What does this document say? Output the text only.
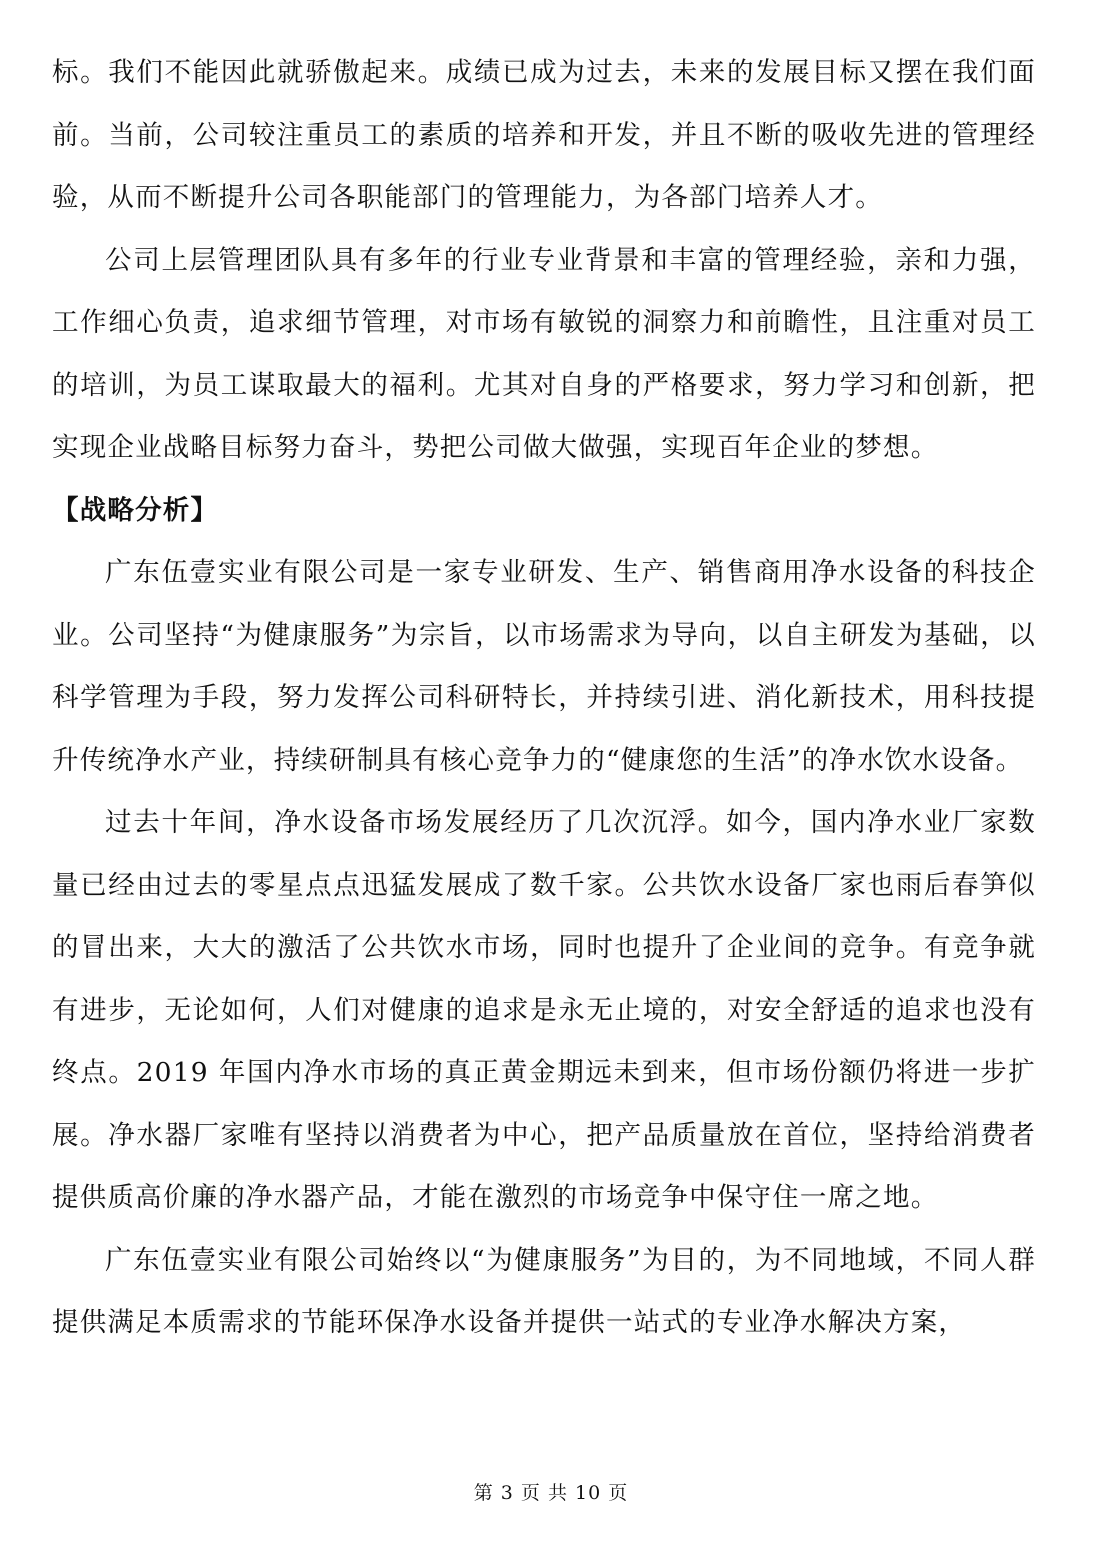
标。我们不能因此就骄傲起来。成绩已成为过去，未来的发展目标又摆在我们面前。当前，公司较注重员工的素质的培养和开发，并且不断的吸收先进的管理经验，从而不断提升公司各职能部门的管理能力，为各部门培养人才。

公司上层管理团队具有多年的行业专业背景和丰富的管理经验，亲和力强，工作细心负责，追求细节管理，对市场有敏锐的洞察力和前瞻性，且注重对员工的培训，为员工谋取最大的福利。尤其对自身的严格要求，努力学习和创新，把实现企业战略目标努力奋斗，势把公司做大做强，实现百年企业的梦想。

【战略分析】

广东伍壹实业有限公司是一家专业研发、生产、销售商用净水设备的科技企业。公司坚持“为健康服务”为宗旨，以市场需求为导向，以自主研发为基础，以科学管理为手段，努力发挥公司科研特长，并持续引进、消化新技术，用科技提升传统净水产业，持续研制具有核心竞争力的“健康您的生活”的净水饮水设备。

过去十年间，净水设备市场发展经历了几次沉浮。如今，国内净水业厂家数量已经由过去的零星点点迅猛发展成了数千家。公共饮水设备厂家也雨后春笋似的冒出来，大大的激活了公共饮水市场，同时也提升了企业间的竞争。有竞争就有进步，无论如何，人们对健康的追求是永无止境的，对安全舒适的追求也没有终点。2019 年国内净水市场的真正黄金期远未到来，但市场份额仍将进一步扩展。净水器厂家唯有坚持以消费者为中心，把产品质量放在首位，坚持给消费者提供质高价廉的净水器产品，才能在激烈的市场竞争中保守住一席之地。

广东伍壹实业有限公司始终以“为健康服务”为目的，为不同地域，不同人群提供满足本质需求的节能环保净水设备并提供一站式的专业净水解决方案，

第 3 页 共 10 页
